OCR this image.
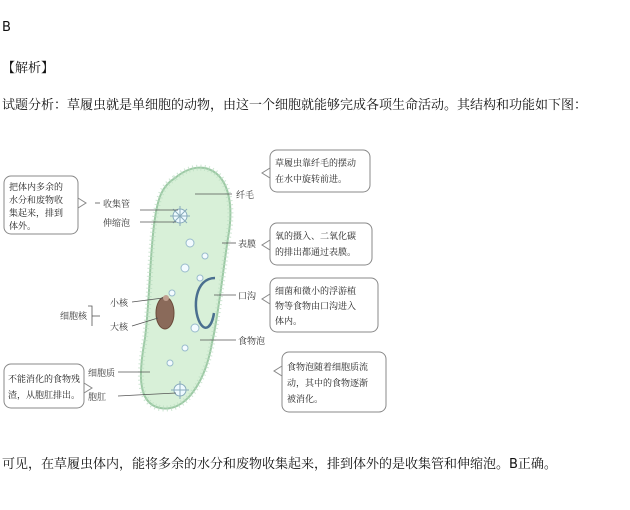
B
【解析】
试题分析：草履虫就是单细胞的动物，由这一个细胞就能够完成各项生命活动。其结构和功能如下图：
收集管
伸缩泡
细胞核
小核
大核
细胞质
胞肛
纤毛
表膜
口沟
食物泡
把体内多余的
水分和废物收
集起来，排到
体外。
不能消化的食物残
渣，从胞肛排出。
草履虫靠纤毛的摆动
在水中旋转前进。
氧的摄入、二氧化碳
的排出都通过表膜。
细菌和微小的浮游植
物等食物由口沟进入
体内。
食物泡随着细胞质流
动，其中的食物逐渐
被消化。
可见，在草履虫体内，能将多余的水分和废物收集起来，排到体外的是收集管和伸缩泡。B正确。
